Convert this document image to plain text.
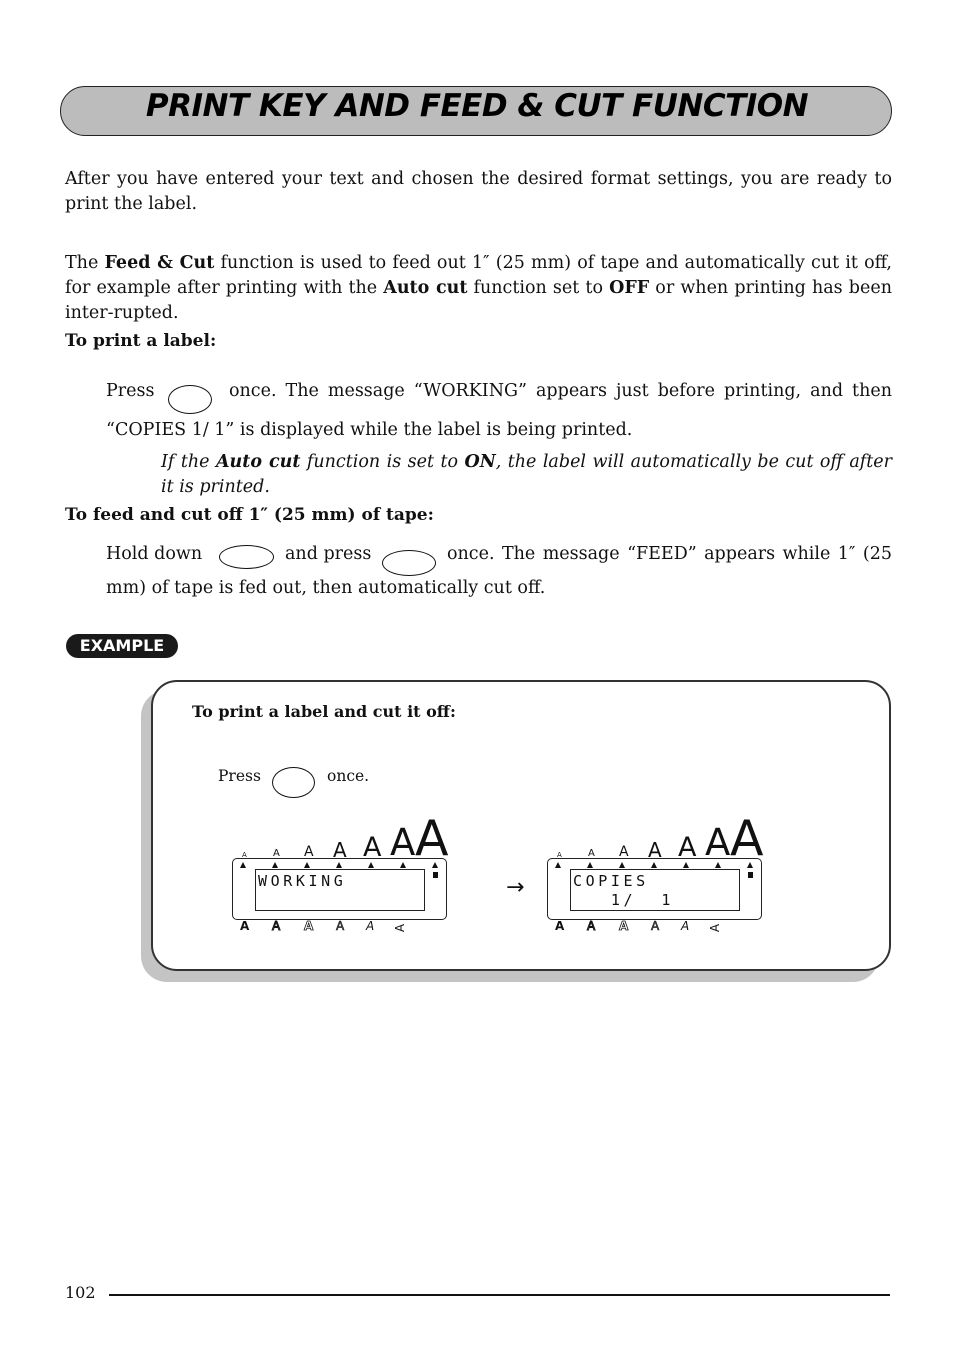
PRINT KEY AND FEED & CUT FUNCTION
After you have entered your text and chosen the desired format settings, you are ready to print the label.
The Feed & Cut function is used to feed out 1″ (25 mm) of tape and automatically cut it off, for example after printing with the Auto cut function set to OFF or when printing has been inter-rupted.
To print a label:
Press	once. The message “WORKING” appears just before printing, and then
“COPIES 1/ 1” is displayed while the label is being printed.
If the Auto cut function is set to ON, the label will automatically be cut off after it is printed.
To feed and cut off 1″ (25 mm) of tape:
Hold down	and press	once. The message “FEED” appears while 1″ (25
mm) of tape is fed out, then automatically cut off.
EXAMPLE
To print a label and cut it off:
Press	once.
A	A A A A A A
WORKING
A A A A A A
→
A	A A A A A A
COPIES
1/  1
A A A A A A
102
